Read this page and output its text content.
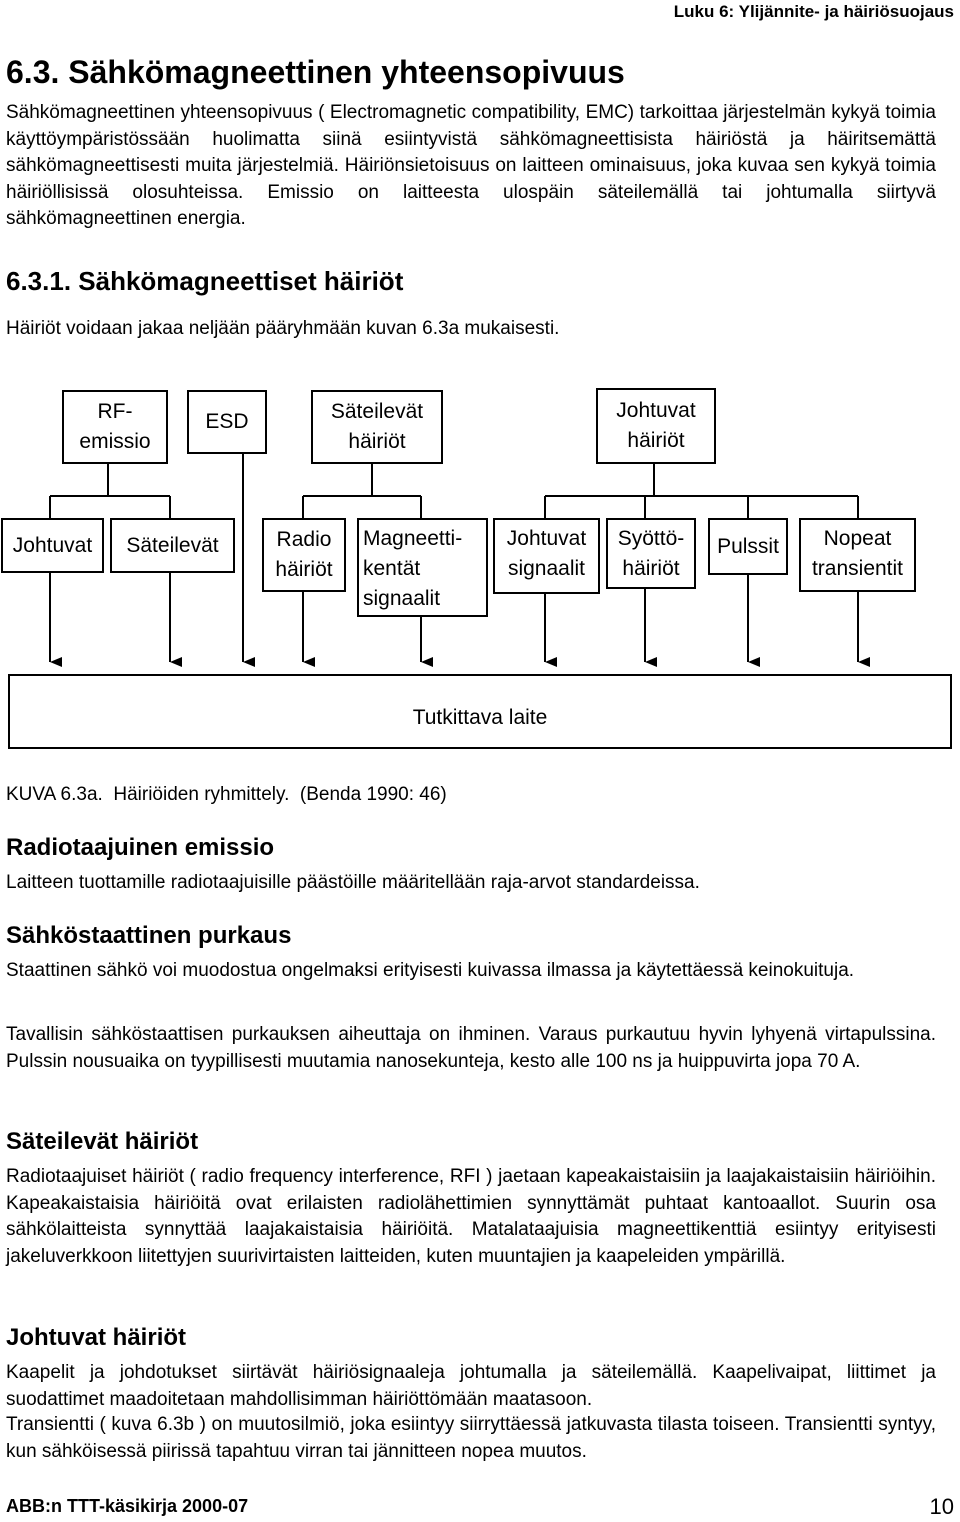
Luku 6: Ylijännite- ja häiriösuojaus
6.3. Sähkömagneettinen yhteensopivuus
Sähkömagneettinen yhteensopivuus ( Electromagnetic compatibility, EMC) tarkoittaa järjestelmän kykyä toimia käyttöympäristössään huolimatta siinä esiintyvistä sähkömagneettisista häiriöstä ja häiritsemättä sähkömagneettisesti muita järjestelmiä. Häiriönsietoisuus on laitteen ominaisuus, joka kuvaa sen kykyä toimia häiriöllisissä olosuhteissa. Emissio on laitteesta ulospäin säteilemällä tai johtumalla siirtyvä sähkömagneettinen energia.
6.3.1. Sähkömagneettiset häiriöt
Häiriöt voidaan jakaa neljään pääryhmään kuvan 6.3a mukaisesti.
RF-
emissio
ESD	Säteilevät
häiriöt
Johtuvat
häiriöt
Johtuvat	Säteilevät	Radio
häiriöt
Magneetti-
kentät
signaalit
Johtuvat
signaalit
Syöttö-
häiriöt
Pulssit	Nopeat
transientit
Tutkittava laite
KUVA 6.3a.  Häiriöiden ryhmittely.  (Benda 1990: 46)
Radiotaajuinen emissio
Laitteen tuottamille radiotaajuisille päästöille määritellään raja-arvot standardeissa.
Sähköstaattinen purkaus
Staattinen sähkö voi muodostua ongelmaksi erityisesti kuivassa ilmassa ja käytettäessä keinokuituja.
Tavallisin sähköstaattisen purkauksen aiheuttaja on ihminen. Varaus purkautuu hyvin lyhyenä virtapulssina. Pulssin nousuaika on tyypillisesti muutamia nanosekunteja, kesto alle 100 ns ja huippuvirta jopa 70 A.
Säteilevät häiriöt
Radiotaajuiset häiriöt ( radio frequency interference, RFI ) jaetaan kapeakaistaisiin ja laajakaistaisiin häiriöihin. Kapeakaistaisia häiriöitä ovat erilaisten radiolähettimien synnyttämät puhtaat kantoaallot. Suurin osa sähkölaitteista synnyttää laajakaistaisia häiriöitä. Matalataajuisia magneettikenttiä esiintyy erityisesti jakeluverkkoon liitettyjen suurivirtaisten laitteiden, kuten muuntajien ja kaapeleiden ympärillä.
Johtuvat häiriöt
Kaapelit ja johdotukset siirtävät häiriösignaaleja johtumalla ja säteilemällä. Kaapelivaipat, liittimet ja suodattimet maadoitetaan mahdollisimman häiriöttömään maatasoon.
Transientti ( kuva 6.3b ) on muutosilmiö, joka esiintyy siirryttäessä jatkuvasta tilasta toiseen. Transientti syntyy, kun sähköisessä piirissä tapahtuu virran tai jännitteen nopea muutos.
ABB:n TTT-käsikirja 2000-07	10
